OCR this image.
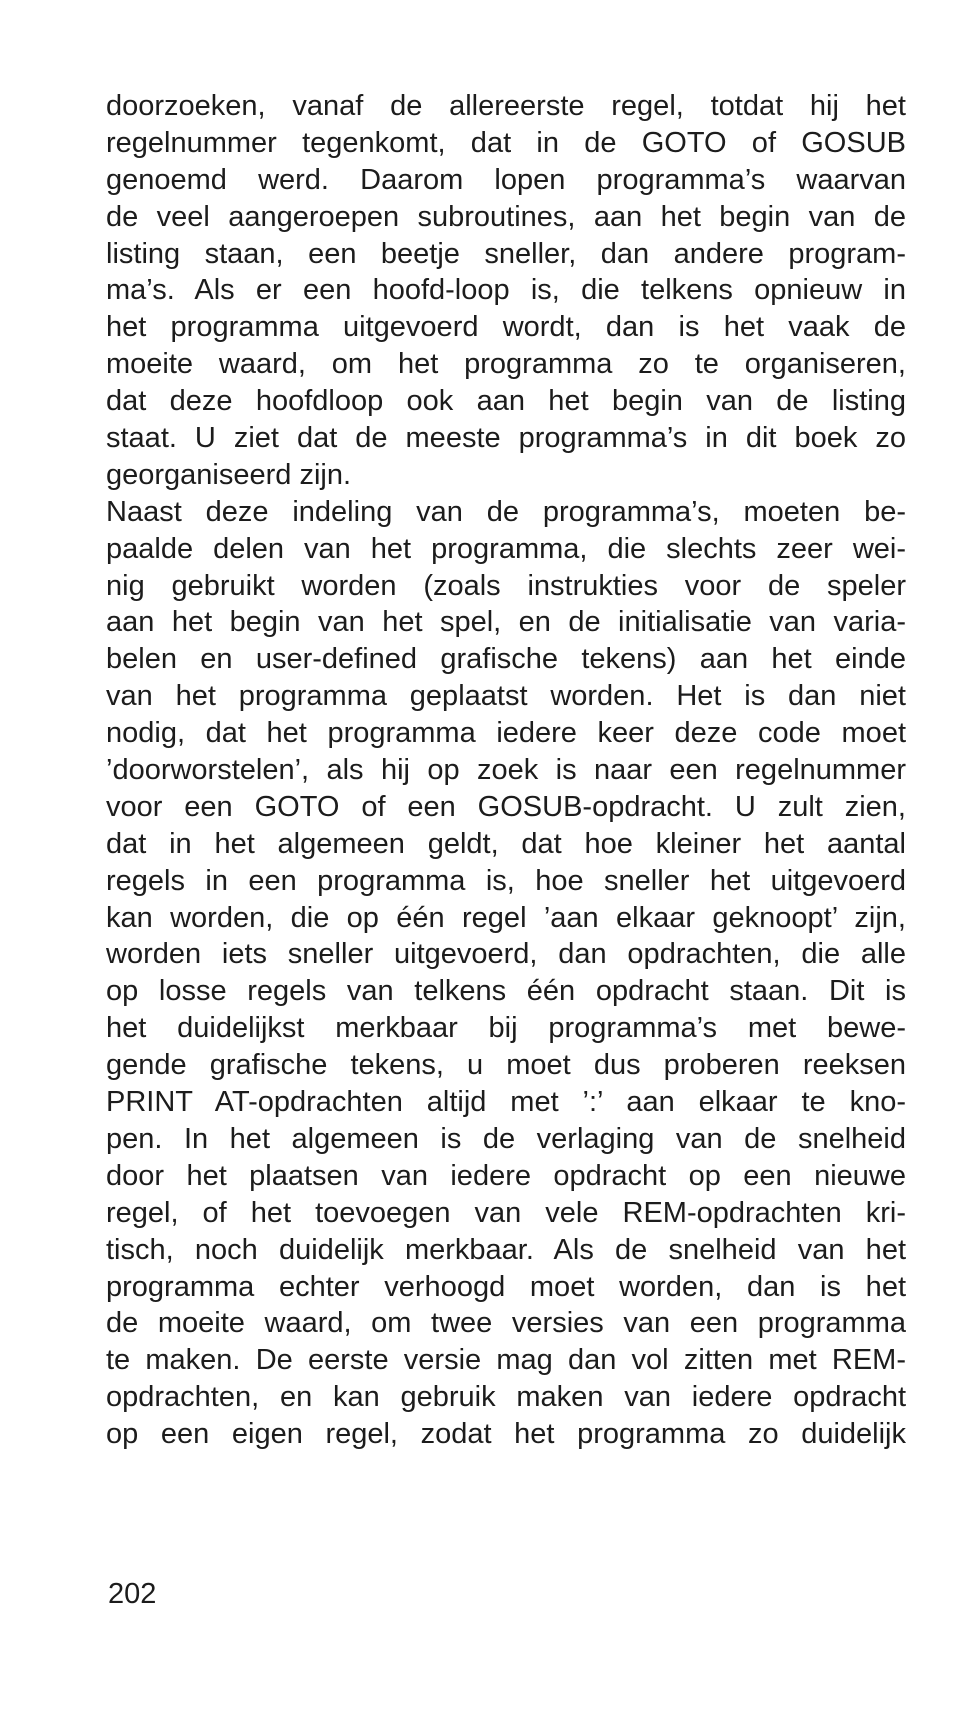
doorzoeken, vanaf de allereerste regel, totdat hij het
regelnummer tegenkomt, dat in de GOTO of GOSUB
genoemd werd. Daarom lopen programma’s waarvan
de veel aangeroepen subroutines, aan het begin van de
listing staan, een beetje sneller, dan andere program-
ma’s. Als er een hoofd-loop is, die telkens opnieuw in
het programma uitgevoerd wordt, dan is het vaak de
moeite waard, om het programma zo te organiseren,
dat deze hoofdloop ook aan het begin van de listing
staat. U ziet dat de meeste programma’s in dit boek zo
georganiseerd zijn.
Naast deze indeling van de programma’s, moeten be-
paalde delen van het programma, die slechts zeer wei-
nig gebruikt worden (zoals instrukties voor de speler
aan het begin van het spel, en de initialisatie van varia-
belen en user-defined grafische tekens) aan het einde
van het programma geplaatst worden. Het is dan niet
nodig, dat het programma iedere keer deze code moet
’doorworstelen’, als hij op zoek is naar een regelnummer
voor een GOTO of een GOSUB-opdracht. U zult zien,
dat in het algemeen geldt, dat hoe kleiner het aantal
regels in een programma is, hoe sneller het uitgevoerd
kan worden, die op één regel ’aan elkaar geknoopt’ zijn,
worden iets sneller uitgevoerd, dan opdrachten, die alle
op losse regels van telkens één opdracht staan. Dit is
het duidelijkst merkbaar bij programma’s met bewe-
gende grafische tekens, u moet dus proberen reeksen
PRINT AT-opdrachten altijd met ’:’ aan elkaar te kno-
pen. In het algemeen is de verlaging van de snelheid
door het plaatsen van iedere opdracht op een nieuwe
regel, of het toevoegen van vele REM-opdrachten kri-
tisch, noch duidelijk merkbaar. Als de snelheid van het
programma echter verhoogd moet worden, dan is het
de moeite waard, om twee versies van een programma
te maken. De eerste versie mag dan vol zitten met REM-
opdrachten, en kan gebruik maken van iedere opdracht
op een eigen regel, zodat het programma zo duidelijk
202
